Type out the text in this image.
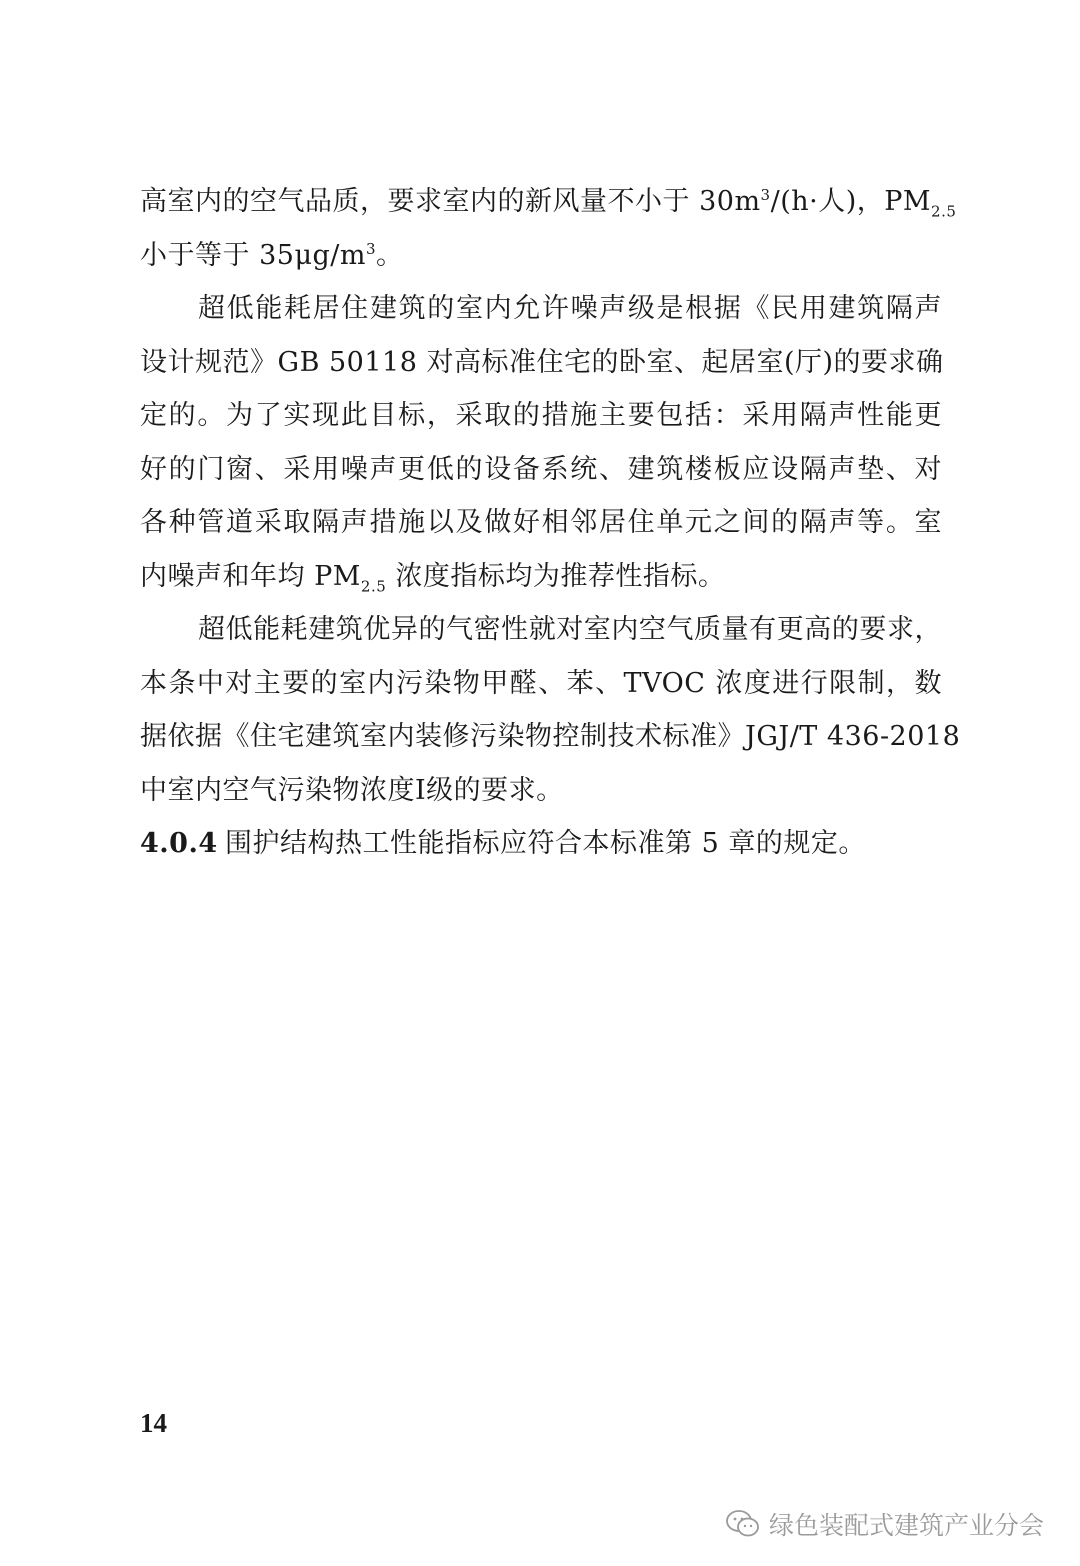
高室内的空气品质，要求室内的新风量不小于 $30m^3/(h\cdot$人)，$PM_{2.5}$
小于等于 $35\mu g/m^3$。
超低能耗居住建筑的室内允许噪声级是根据《民用建筑隔声
设计规范》GB 50118 对高标准住宅的卧室、起居室(厅)的要求确
定的。为了实现此目标，采取的措施主要包括：采用隔声性能更
好的门窗、采用噪声更低的设备系统、建筑楼板应设隔声垫、对
各种管道采取隔声措施以及做好相邻居住单元之间的隔声等。室
内噪声和年均 $PM_{2.5}$ 浓度指标均为推荐性指标。
超低能耗建筑优异的气密性就对室内空气质量有更高的要求，
本条中对主要的室内污染物甲醛、苯、TVOC 浓度进行限制，数
据依据《住宅建筑室内装修污染物控制技术标准》JGJ/T 436-2018
中室内空气污染物浓度Ⅰ级的要求。
4.0.4 围护结构热工性能指标应符合本标准第 5 章的规定。
14
绿色装配式建筑产业分会
